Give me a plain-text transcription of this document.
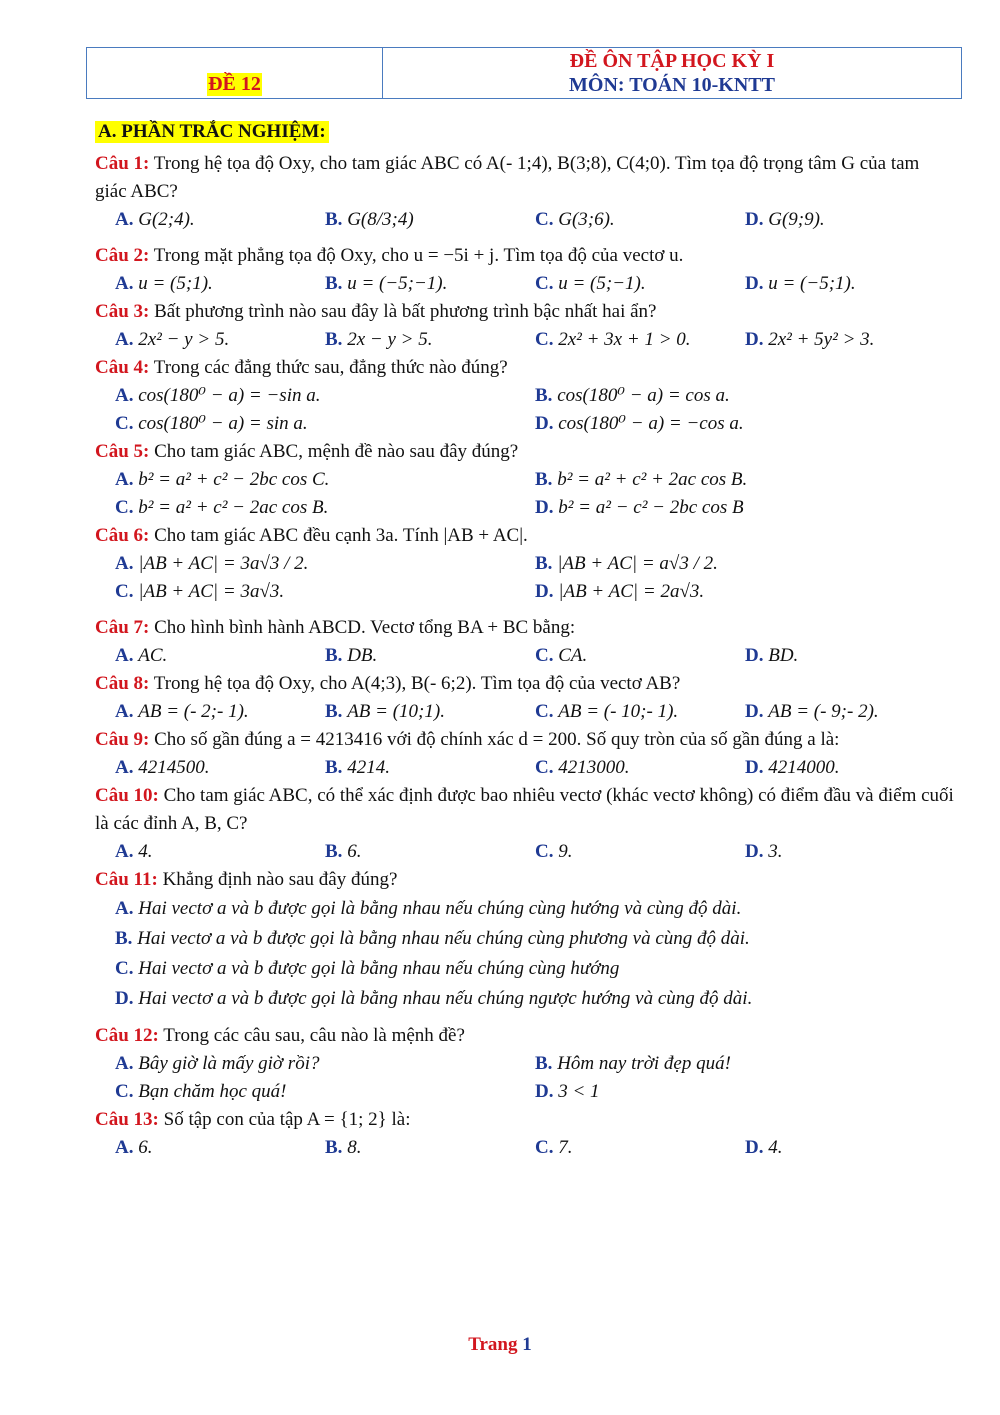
ĐỀ 12
ĐỀ ÔN TẬP HỌC KỲ I
MÔN: TOÁN 10-KNTT
A. PHẦN TRẮC NGHIỆM:
Câu 1: Trong hệ tọa độ Oxy, cho tam giác ABC có A(- 1;4), B(3;8), C(4;0). Tìm tọa độ trọng tâm G của tam giác ABC?
A. G(2;4).	B. G(8/3;4)	C. G(3;6).	D. G(9;9).
Câu 2: Trong mặt phẳng tọa độ Oxy, cho u = −5i + j. Tìm tọa độ của vectơ u.
A. u = (5;1).	B. u = (−5;−1).	C. u = (5;−1).	D. u = (−5;1).
Câu 3: Bất phương trình nào sau đây là bất phương trình bậc nhất hai ẩn?
A. 2x² − y > 5.	B. 2x − y > 5.	C. 2x² + 3x + 1 > 0.	D. 2x² + 5y² > 3.
Câu 4: Trong các đẳng thức sau, đẳng thức nào đúng?
A. cos(180⁰ − a) = −sin a.	B. cos(180⁰ − a) = cos a.
C. cos(180⁰ − a) = sin a.	D. cos(180⁰ − a) = −cos a.
Câu 5: Cho tam giác ABC, mệnh đề nào sau đây đúng?
A. b² = a² + c² − 2bc cos C.	B. b² = a² + c² + 2ac cos B.
C. b² = a² + c² − 2ac cos B.	D. b² = a² − c² − 2bc cos B
Câu 6: Cho tam giác ABC đều cạnh 3a. Tính |AB + AC|.
A. |AB + AC| = 3a√3 / 2.	B. |AB + AC| = a√3 / 2.
C. |AB + AC| = 3a√3.	D. |AB + AC| = 2a√3.
Câu 7: Cho hình bình hành ABCD. Vectơ tổng BA + BC bằng:
A. AC.	B. DB.	C. CA.	D. BD.
Câu 8: Trong hệ tọa độ Oxy, cho A(4;3), B(- 6;2). Tìm tọa độ của vectơ AB?
A. AB = (- 2;- 1).	B. AB = (10;1).	C. AB = (- 10;- 1).	D. AB = (- 9;- 2).
Câu 9: Cho số gần đúng a = 4213416 với độ chính xác d = 200. Số quy tròn của số gần đúng a là:
A. 4214500.	B. 4214.	C. 4213000.	D. 4214000.
Câu 10: Cho tam giác ABC, có thể xác định được bao nhiêu vectơ (khác vectơ không) có điểm đầu và điểm cuối là các đỉnh A, B, C?
A. 4.	B. 6.	C. 9.	D. 3.
Câu 11: Khẳng định nào sau đây đúng?
A. Hai vectơ a và b được gọi là bằng nhau nếu chúng cùng hướng và cùng độ dài.
B. Hai vectơ a và b được gọi là bằng nhau nếu chúng cùng phương và cùng độ dài.
C. Hai vectơ a và b được gọi là bằng nhau nếu chúng cùng hướng
D. Hai vectơ a và b được gọi là bằng nhau nếu chúng ngược hướng và cùng độ dài.
Câu 12: Trong các câu sau, câu nào là mệnh đề?
A. Bây giờ là mấy giờ rồi?	B. Hôm nay trời đẹp quá!
C. Bạn chăm học quá!	D. 3 < 1
Câu 13: Số tập con của tập A = {1; 2} là:
A. 6.	B. 8.	C. 7.	D. 4.
Trang 1
